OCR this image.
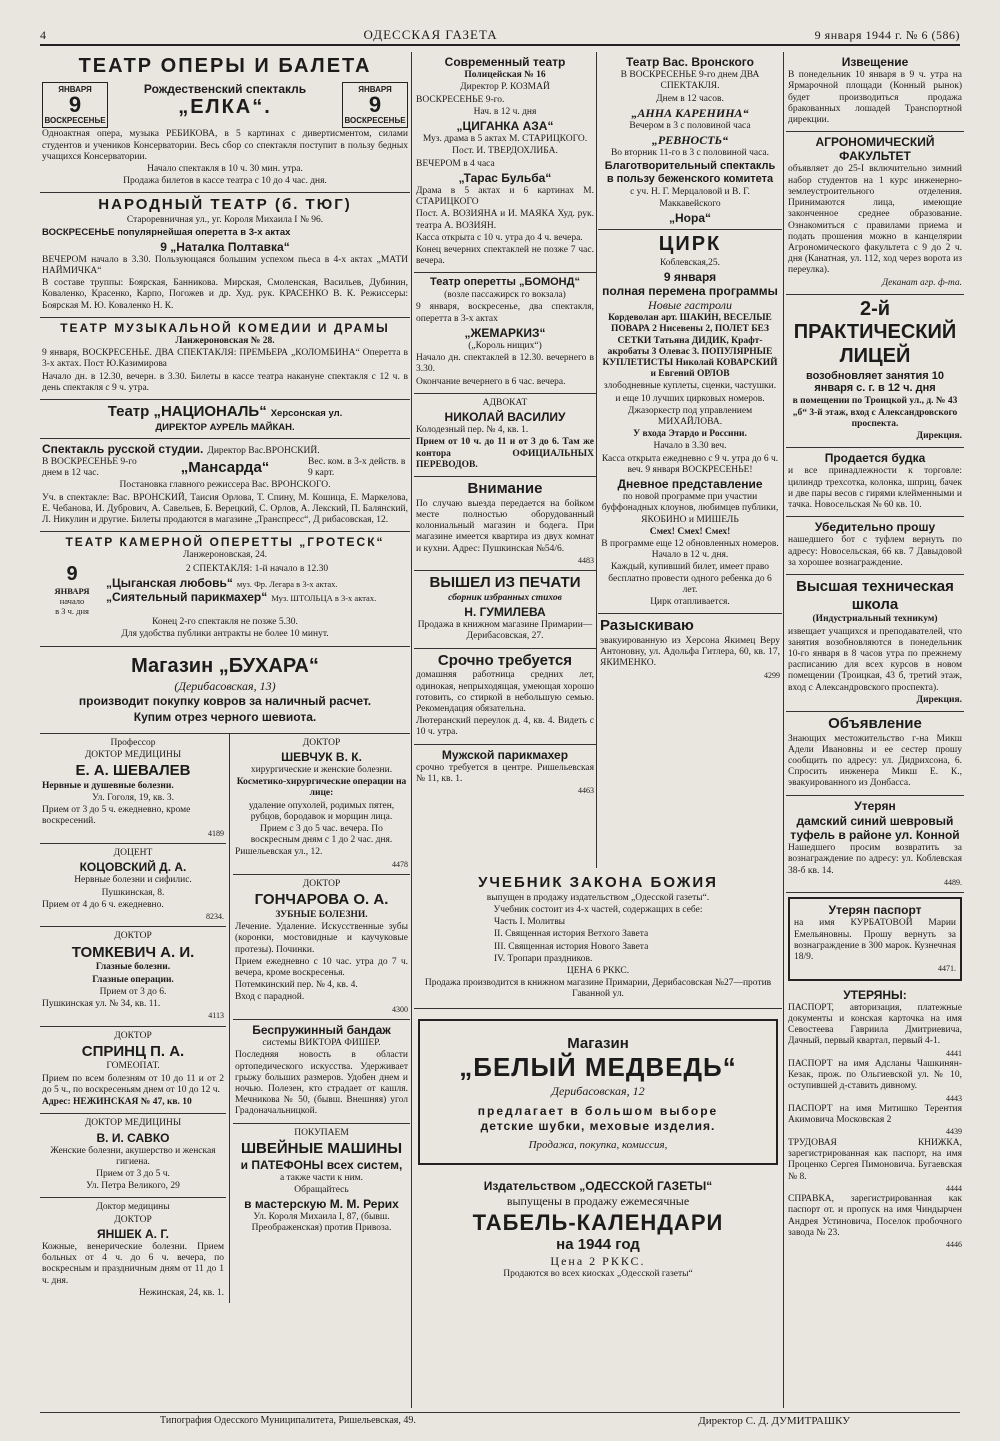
4	ОДЕССКАЯ ГАЗЕТА	9 января 1944 г. № 6 (586)
ТЕАТР ОПЕРЫ И БАЛЕТА
ЯНВАРЯ
9
ВОСКРЕСЕНЬЕ
Рождественский спектакль
„ЕЛКА“.
ЯНВАРЯ
9
ВОСКРЕСЕНЬЕ

Одноактная опера, музыка РЕБИКОВА, в 5 картинах с дивертисментом, силами студентов и учеников Консерватории. Весь сбор со спектакля поступит в пользу бедных учащихся Консерватории.

Начало спектакля в 10 ч. 30 мин. утра.

Продажа билетов в кассе театра с 10 до 4 час. дня.

НАРОДНЫЙ ТЕАТР (б. ТЮГ)

Староревничная ул., уг. Короля Михаила I № 96.

ВОСКРЕСЕНЬЕ популярнейшая оперетта в 3-х актах

9 „Наталка Полтавка“

ВЕЧЕРОМ начало в 3.30. Пользующаяся большим успехом пьеса в 4-х актах „МАТИ НАЙМИЧКА“

В составе труппы: Боярская, Банникова. Мирская, Смоленская, Васильев, Дубинин, Коваленко, Красенко, Карпо, Погожев и др. Худ. рук. КРАСЕНКО В. К. Режиссеры: Боярская М. Ю. Коваленко Н. К.

ТЕАТР МУЗЫКАЛЬНОЙ КОМЕДИИ И ДРАМЫ

Ланжероновская № 28.

9 января, ВОСКРЕСЕНЬЕ. ДВА СПЕКТАКЛЯ: ПРЕМЬЕРА „КОЛОМБИНА“ Оперетта в 3-х актах. Пост Ю.Казимирова

Начало дн. в 12.30, вечерн. в 3.30. Билеты в кассе театра накануне спектакля с 12 ч. в день спектакля с 9 ч. утра.

Театр „НАЦИОНАЛЬ“ Херсонская ул.

ДИРЕКТОР АУРЕЛЬ МАЙКАН.

Спектакль русской студии. Директор Вас.ВРОНСКИЙ.
В ВОСКРЕСЕНЬЕ 9-го днем в 12 час.	„Мансарда“	Вес. ком. в 3-х действ. в 9 карт.

Постановка главного режиссера Вас. ВРОНСКОГО.

Уч. в спектакле: Вас. ВРОНСКИЙ, Таисия Орлова, Т. Спину, М. Кошица, Е. Маркелова, Е. Чебанова, И. Дубрович, А. Савельев, Б. Верецкий, С. Орлов, А. Лекский, П. Балянский, Л. Никулин и другие. Билеты продаются в магазине „Транспресс“, Д рибасовская, 12.

ТЕАТР КАМЕРНОЙ ОПЕРЕТТЫ „ГРОТЕСК“

Ланжероновская, 24.

9
ЯНВАРЯ
начало
в 3 ч. дня

2 СПЕКТАКЛЯ: 1-й начало в 12.30

„Цыганская любовь“ муз. Фр. Легара в 3-х актах.
„Сиятельный парикмахер“ Муз. ШТОЛЬЦА в 3-х актах.

Конец 2-го спектакля не позже 5.30.

Для удобства публики антракты не более 10 минут.

Магазин „БУХАРА“

(Дерибасовская, 13)

производит покупку ковров за наличный расчет.

Купим отрез черного шевиота.

Профессор

ДОКТОР МЕДИЦИНЫ

Е. А. ШЕВАЛЕВ

Нервные и душевные болезни.

Ул. Гоголя, 19, кв. 3.

Прием от 3 до 5 ч. ежедневно, кроме воскресений.

4189

ДОЦЕНТ

КОЦОВСКИЙ Д. А.

Нервные болезни и сифилис.

Пушкинская, 8.

Прием от 4 до 6 ч. ежедневно.

8234.

ДОКТОР

ТОМКЕВИЧ А. И.

Глазные болезни.

Глазные операции.

Прием от 3 до 6.

Пушкинская ул. № 34, кв. 11.

4113

ДОКТОР

СПРИНЦ П. А.

ГОМЕОПАТ.

Прием по всем болезням от 10 до 11 и от 2 до 5 ч., по воскресеньям днем от 10 до 12 ч.

Адрес: НЕЖИНСКАЯ № 47, кв. 10

ДОКТОР МЕДИЦИНЫ

В. И. САВКО

Женские болезни, акушерство и женская гигиена.

Прием от 3 до 5 ч.

Ул. Петра Великого, 29

Доктор медицины

ДОКТОР

ЯНШЕК А. Г.

Кожные, венерические болезни. Прием больных от 4 ч. до 6 ч. вечера, по воскресным и праздничным дням от 11 до 1 ч. дня.

Нежинская, 24, кв. 1.

ДОКТОР

ШЕВЧУК В. К.

хирургические и женские болезни.

Косметико-хирургические операции на лице:

удаление опухолей, родимых пятен, рубцов, бородавок и морщин лица.

Прием с 3 до 5 час. вечера. По воскресным дням с 1 до 2 час. дня.

Ришельевская ул., 12.

4478

ДОКТОР

ГОНЧАРОВА О. А.

ЗУБНЫЕ БОЛЕЗНИ.

Лечение. Удаление. Искусственные зубы (коронки, мостовидные и каучуковые протезы). Починки.

Прием ежедневно с 10 час. утра до 7 ч. вечера, кроме воскресенья.

Потемкинский пер. № 4, кв. 4.

Вход с парадной.

4300

Беспружинный бандаж

системы ВИКТОРА ФИШЕР.

Последняя новость в области ортопедического искусства. Удерживает грыжу больших размеров. Удобен днем и ночью. Полезен, кто страдает от кашля. Мечникова № 50, (бывш. Внешняя) угол Градоначальницкой.

ПОКУПАЕМ

ШВЕЙНЫЕ МАШИНЫ
и ПАТЕФОНЫ всех систем,

а также части к ним.

Обращайтесь

в мастерскую М. М. Рерих

Ул. Короля Михаила I, 87, (бывш. Преображенская) против Привоза.

Современный театр

Полицейская № 16

Директор Р. КОЗМАЙ

ВОСКРЕСЕНЬЕ 9-го.

Нач. в 12 ч. дня

„ЦИГАНКА АЗА“

Муз. драма в 5 актах М. СТАРИЦКОГО.

Пост. И. ТВЕРДОХЛИБА.

ВЕЧЕРОМ в 4 часа

„Тарас Бульба“

Драма в 5 актах и 6 картинах М. СТАРИЦКОГО

Пост. А. ВОЗИЯНА и И. МАЯКА Худ. рук. театра А. ВОЗИЯН.

Касса открыта с 10 ч. утра до 4 ч. вечера.

Конец вечерних спектаклей не позже 7 час. вечера.

Театр оперетты „БОМОНД“

(возле пассажирск го вокзала)

9 января, воскресенье, два спектакля, оперетта в 3-х актах

„ЖЕМАРКИЗ“

(„Король нищих“)

Начало дн. спектаклей в 12.30. вечернего в 3.30.

Окончание вечернего в 6 час. вечера.

АДВОКАТ

НИКОЛАЙ ВАСИЛИУ

Колодезный пер. № 4, кв. 1.

Прием от 10 ч. до 11 и от 3 до 6. Там же контора ОФИЦИАЛЬНЫХ ПЕРЕВОДОВ.

Внимание

По случаю выезда передается на бойком месте полностью оборудованный колониальный магазин и бодега. При магазине имеется квартира из двух комнат и кухни. Адрес: Пушкинская №54/6.

4483

ВЫШЕЛ ИЗ ПЕЧАТИ

сборник избранных стихов

Н. ГУМИЛЕВА

Продажа в книжном магазине Примарии—Дерибасовская, 27.

Срочно требуется

домашняя работница средних лет, одинокая, непрыходящая, умеющая хорошо готовить, со стиркой в небольшую семью. Рекомендация обязательна.

Лютеранский переулок д. 4, кв. 4. Видеть с 10 ч. утра.

Мужской парикмахер

срочно требуется в центре. Ришельевская № 11, кв. 1.

4463

Театр Вас. Вронского

В ВОСКРЕСЕНЬЕ 9-го днем ДВА СПЕКТАКЛЯ.

Днем в 12 часов.

„АННА КАРЕНИНА“

Вечером в 3 с половиной часа

„РЕВНОСТЬ“

Во вторник 11-го в 3 с половиной часа.

Благотворительный спектакль в пользу беженского комитета

с уч. Н. Г. Мерцаловой и В. Г. Маккавейского

„Нора“
ЦИРК

Коблевская,25.

9 января
полная перемена программы
Новые гастроли

Кордеволан арт. ШАКИН, ВЕСЕЛЫЕ ПОВАРА 2 Нисевены 2, ПОЛЕТ БЕЗ СЕТКИ Татьяна ДИДИК, Крафт-акробаты 3 Олевас 3. ПОПУЛЯРНЫЕ КУПЛЕТИСТЫ Николай КОВАРСКИЙ и Евгений ОРЛОВ

злободневные куплеты, сценки, частушки.

и еще 10 лучших цирковых номеров.

Джазоркестр под управлением МИХАЙЛОВА.

У входа Этардо и Россини.

Начало в 3.30 веч.

Касса открыта ежедневно с 9 ч. утра до 6 ч. веч. 9 января ВОСКРЕСЕНЬЕ!

Дневное представление

по новой программе при участии буффонадных клоунов, любимцев публики, ЯКОБИНО и МИШЕЛЬ

Смех! Смех! Смех!

В программе еще 12 обновленных номеров. Начало в 12 ч. дня.

Каждый, купивший билет, имеет право бесплатно провести одного ребенка до 6 лет.

Цирк отапливается.

Разыскиваю

эвакуированную из Херсона Якимец Веру Антоновну, ул. Адольфа Гитлера, 60, кв. 17, ЯКИМЕНКО.

4299

Извещение

В понедельник 10 января в 9 ч. утра на Ярмарочной площади (Конный рынок) будет производиться продажа бракованных лошадей Транспортной дирекции.

АГРОНОМИЧЕСКИЙ ФАКУЛЬТЕТ

объявляет до 25-I включительно зимний набор студентов на 1 курс инженерно-землеустроительного отделения. Принимаются лица, имеющие законченное среднее образование. Ознакомиться с правилами приема и подать прошения можно в канцелярии Агрономического факультета с 9 до 2 ч. дня (Канатная, ул. 112, ход через ворота из переулка).

Деканат агр. ф-та.

2-й ПРАКТИЧЕСКИЙ ЛИЦЕЙ

возобновляет занятия 10 января с. г. в 12 ч. дня

в помещении по Троицкой ул., д. № 43 „б“ 3-й этаж, вход с Александровского проспекта.

Дирекция.

Продается будка

и все принадлежности к торговле: цилиндр трехсотка, колонка, шприц, бачек и две пары весов с гирями клейменными и тачка. Новосельская № 60 кв. 10.

Убедительно прошу

нашедшего бот с туфлем вернуть по адресу: Новосельская, 66 кв. 7 Давыдовой за хорошее вознаграждение.

Высшая техническая школа

(Индустриальный техникум)

извещает учащихся и преподавателей, что занятия возобновляются в понедельник 10-го января в 8 часов утра по прежнему расписанию для всех курсов в новом помещении (Троицкая, 43 б, третий этаж, вход с Александровского проспекта).

Дирекция.

Объявление

Знающих местожительство г-на Микш Адели Ивановны и ее сестер прошу сообщить по адресу: ул. Дидрихсона, 6. Спросить инженера Микш Е. К., эвакуированного из Донбасса.

Утерян

дамский синий шевровый туфель в районе ул. Конной

Нашедшего просим возвратить за вознаграждение по адресу: ул. Коблевская 38-б кв. 14.

4489.

Утерян паспорт

на имя КУРБАТОВОЙ Марии Емельяновны. Прошу вернуть за вознаграждение в 300 марок. Кузнечная 18/9.

4471.

УТЕРЯНЫ:

ПАСПОРТ, авторизация, платежные документы и конская карточка на имя Севостеева Гавриила Дмитриевича, Дачный, первый квартал, первый 4-1.

4441

ПАСПОРТ на имя Адсланы Чашкинян-Кезак, прож. по Ольгиевской ул. № 10, оступившей д-ставить дивному.

4443

ПАСПОРТ на имя Митишко Терентия Акимовича Московская 2

4439

ТРУДОВАЯ КНИЖКА, зарегистрированная как паспорт, на имя Проценко Сергея Пимоновича. Бугаевская № 8.

4444

СПРАВКА, зарегистрированная как паспорт от. и пропуск на имя Чиндырчен Андрея Устиновича, Поселок пробочного завода № 23.

4446

УЧЕБНИК ЗАКОНА БОЖИЯ

выпущен в продажу издательством „Одесской газеты“.

Учебник состоит из 4-х частей, содержащих в себе:

Часть I. Молитвы

II. Священная история Ветхого Завета

III. Священная история Нового Завета

IV. Тропари праздников.

ЦЕНА 6 РККС.

Продажа производится в книжном магазине Примарии, Дерибасовская №27—против Гаванной ул.

Магазин
„БЕЛЫЙ МЕДВЕДЬ“

Дерибасовская, 12

предлагает в большом выборе

детские шубки, меховые изделия.

Продажа, покупка, комиссия,

Издательством „ОДЕССКОЙ ГАЗЕТЫ“

выпущены в продажу ежемесячные

ТАБЕЛЬ-КАЛЕНДАРИ
на 1944 год

Цена 2 РККС.

Продаются во всех киосках „Одесской газеты“

Типография Одесского Муниципалитета, Ришельевская, 49.	Директор С. Д. ДУМИТРАШКУ
